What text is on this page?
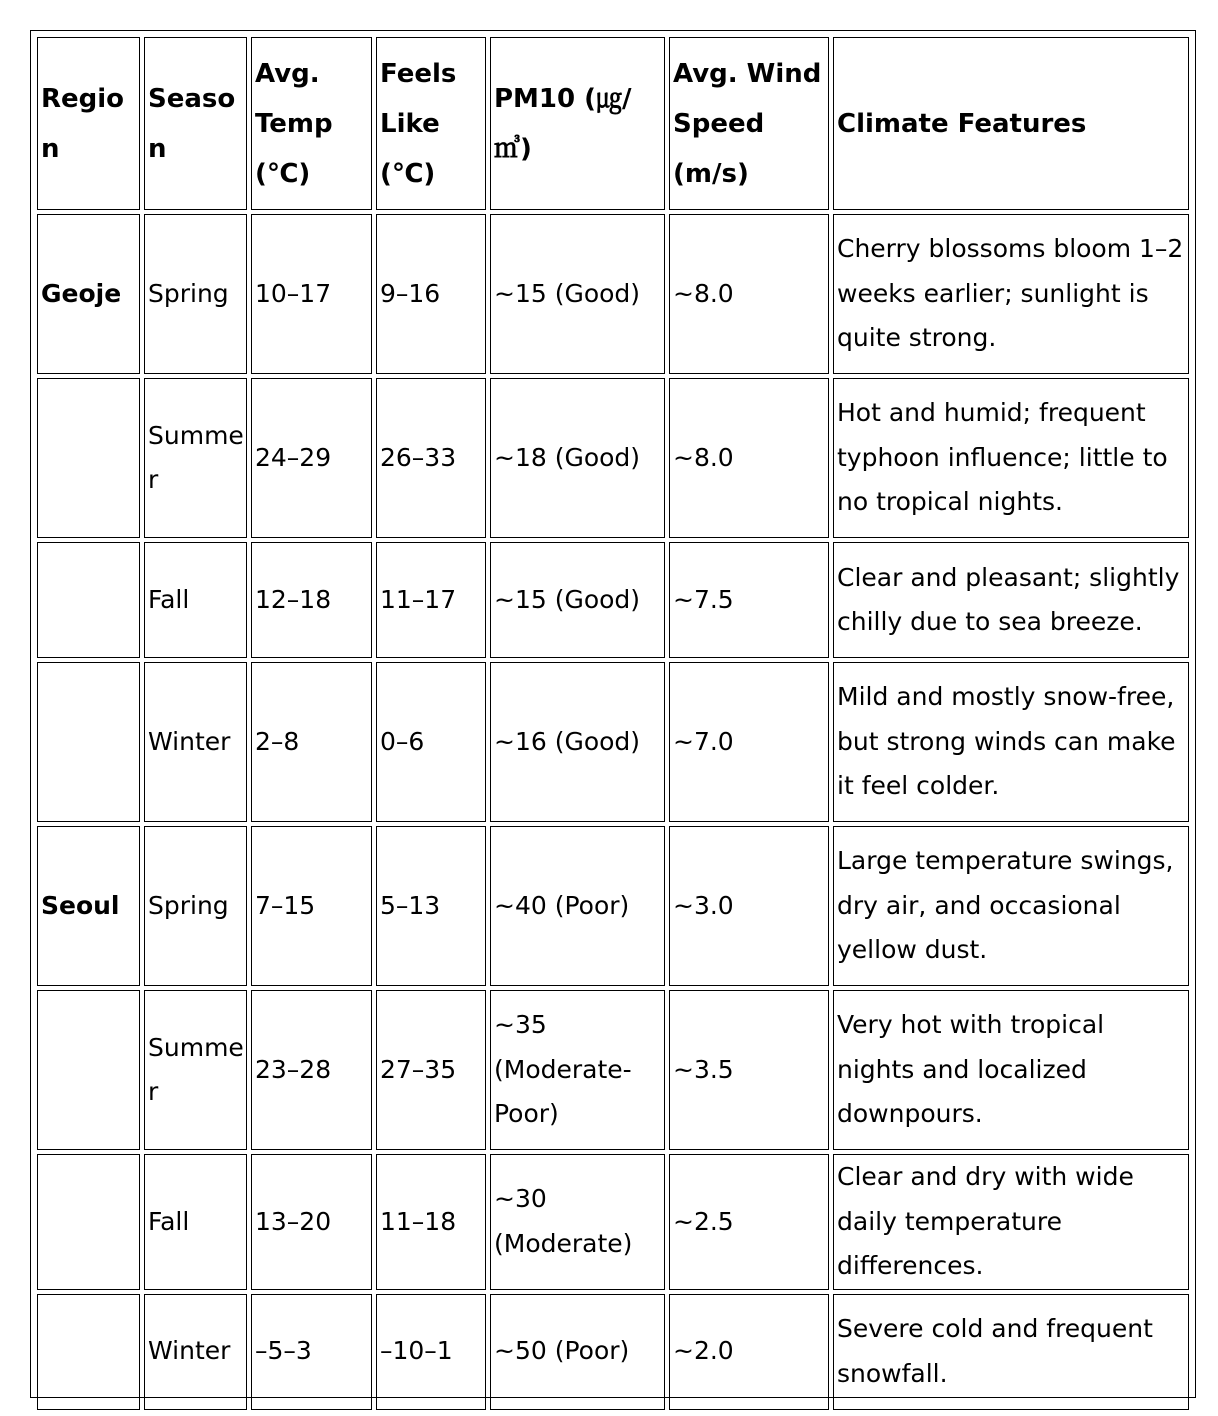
Region	Season	Avg. Temp (℃)	Feels Like (℃)	PM10 (㎍/㎥)	Avg. Wind Speed (m/s)	Climate Features
Geoje	Spring	10–17	9–16	~15 (Good)	~8.0	Cherry blossoms bloom 1–2 weeks earlier; sunlight is quite strong.
	Summer	24–29	26–33	~18 (Good)	~8.0	Hot and humid; frequent typhoon influence; little to no tropical nights.
	Fall	12–18	11–17	~15 (Good)	~7.5	Clear and pleasant; slightly chilly due to sea breeze.
	Winter	2–8	0–6	~16 (Good)	~7.0	Mild and mostly snow-free, but strong winds can make it feel colder.
Seoul	Spring	7–15	5–13	~40 (Poor)	~3.0	Large temperature swings, dry air, and occasional yellow dust.
	Summer	23–28	27–35	~35 (Moderate-Poor)	~3.5	Very hot with tropical nights and localized downpours.
	Fall	13–20	11–18	~30 (Moderate)	~2.5	Clear and dry with wide daily temperature differences.
	Winter	–5–3	–10–1	~50 (Poor)	~2.0	Severe cold and frequent snowfall.
